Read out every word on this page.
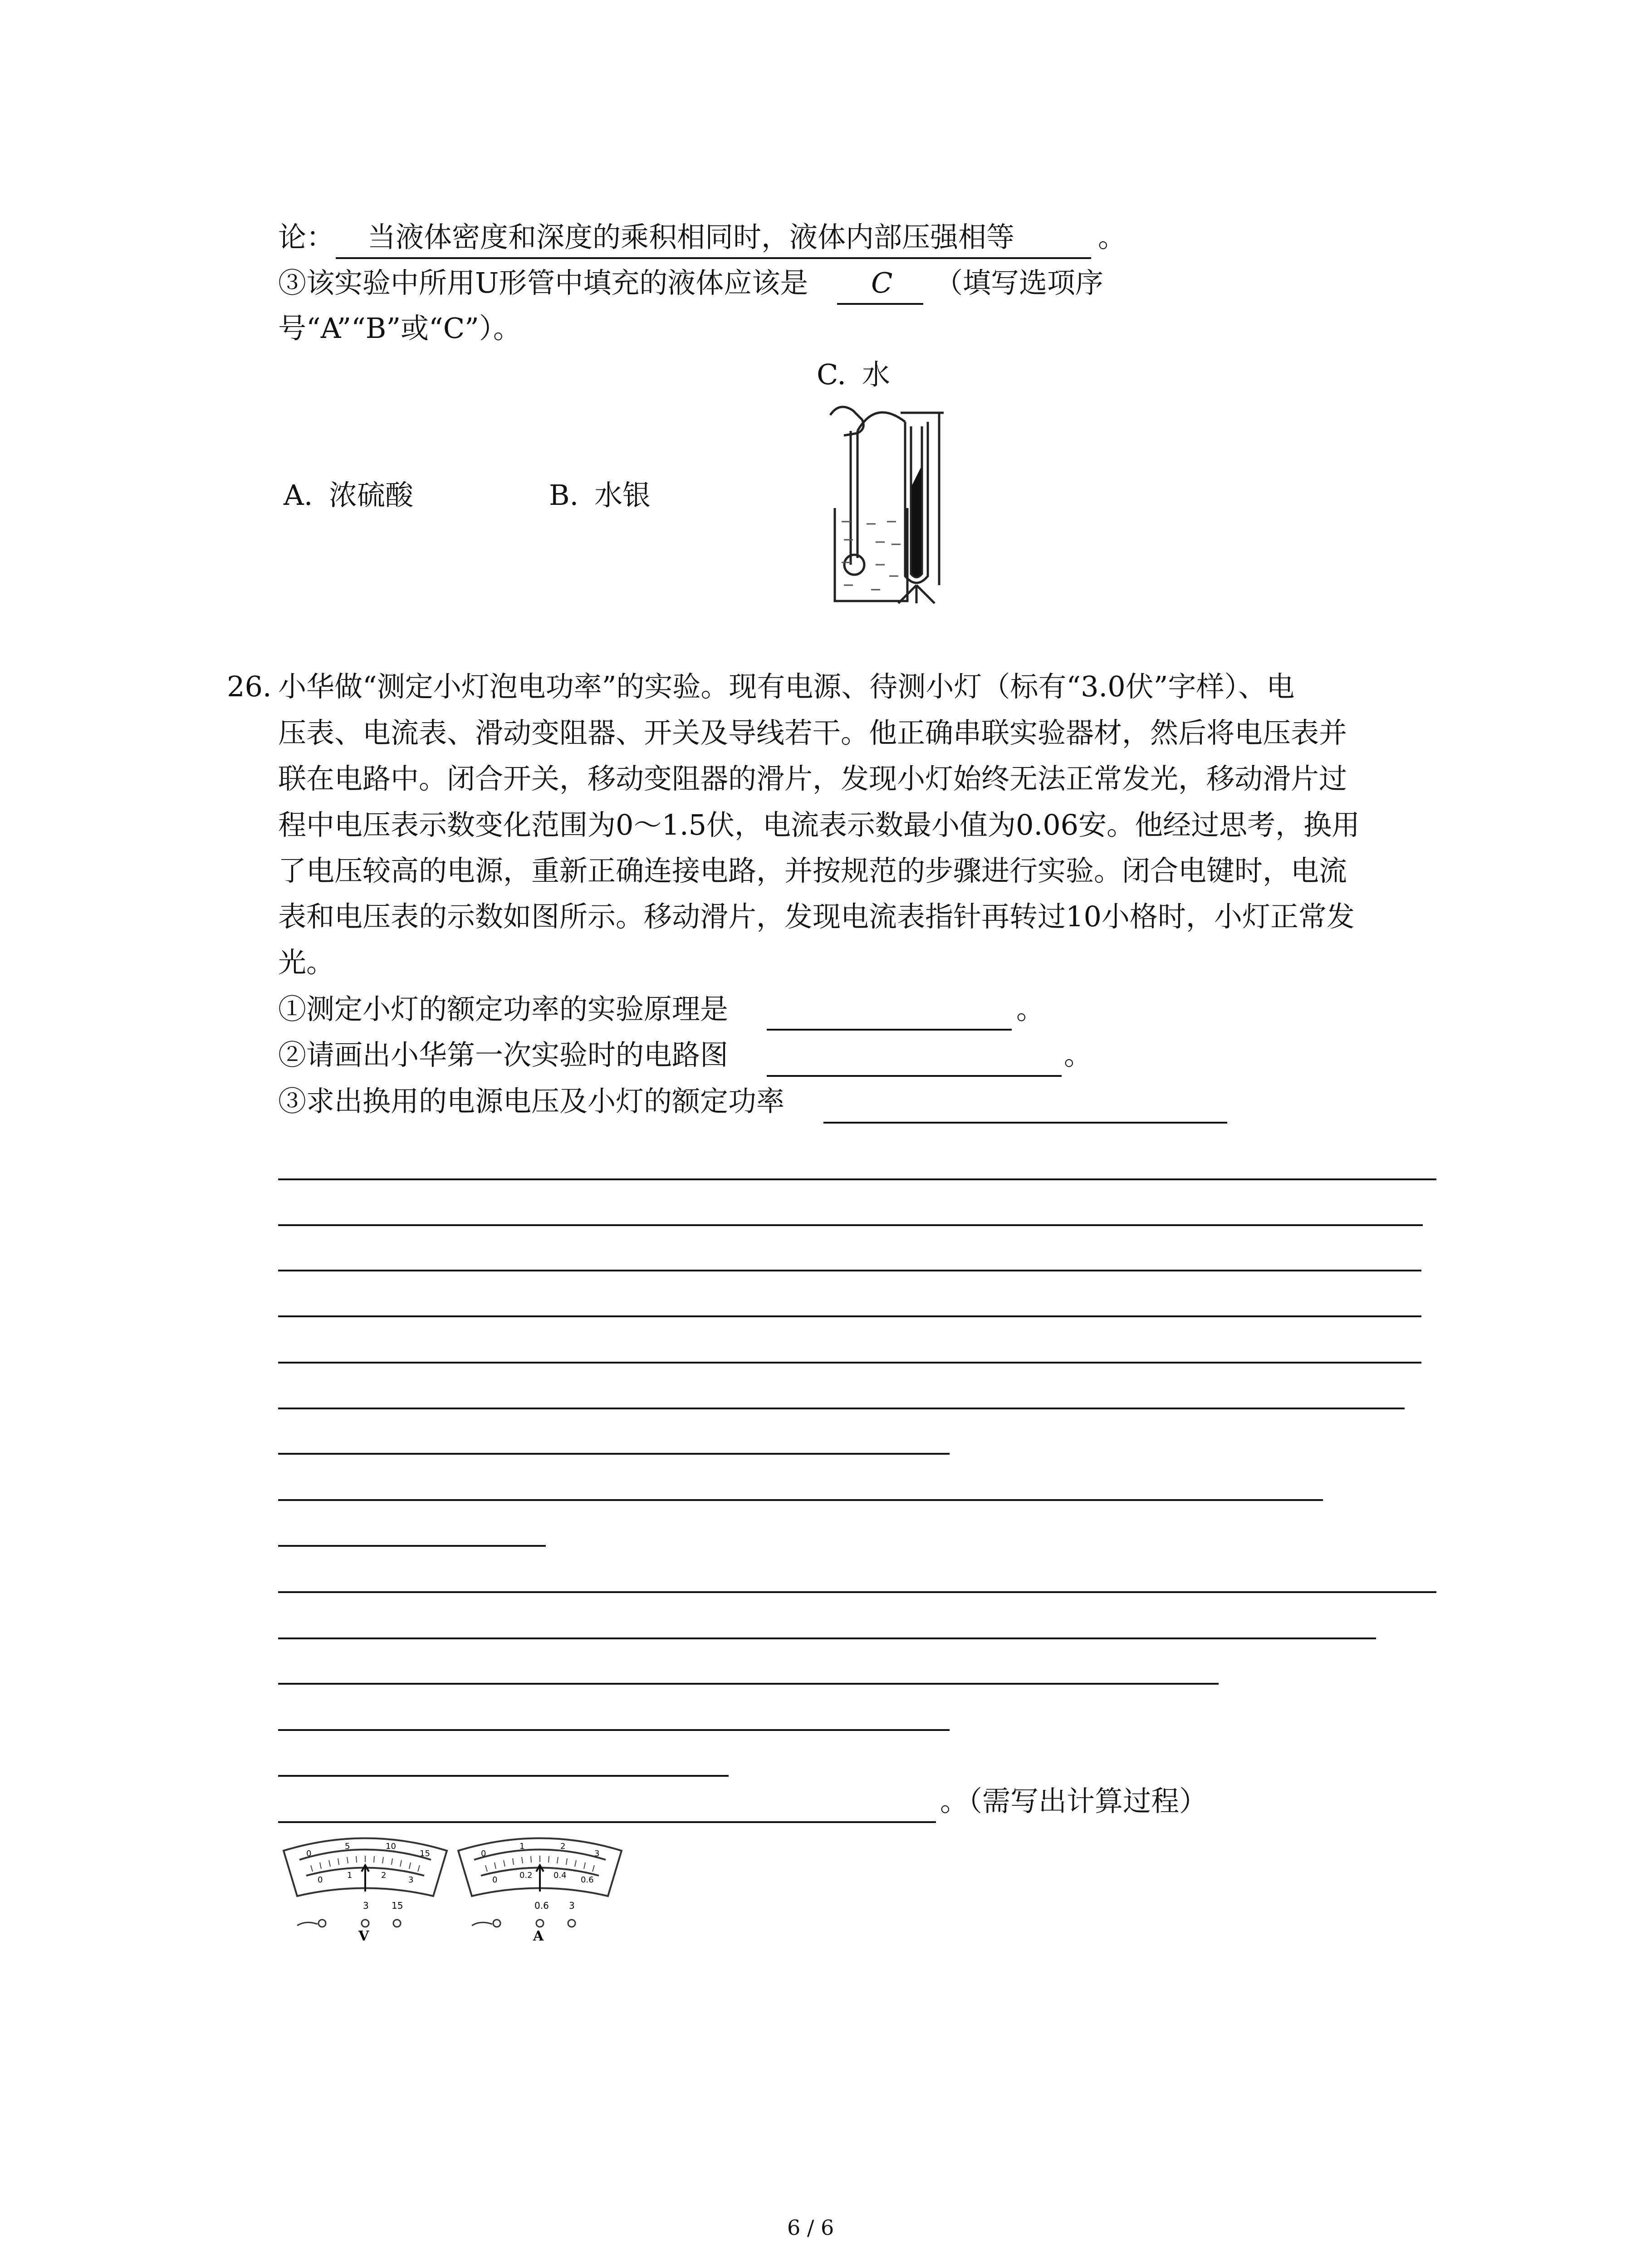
论： 当液体密度和深度的乘积相同时，液体内部压强相等	。
③该实验中所用U形管中填充的液体应该是 C （填写选项序
号“A”“B”或“C”）。
A. 浓硫酸	B. 水银
C. 水
26. 小华做“测定小灯泡电功率”的实验。现有电源、待测小灯（标有“3.0伏”字样）、电
压表、电流表、滑动变阻器、开关及导线若干。他正确串联实验器材，然后将电压表并
联在电路中。闭合开关，移动变阻器的滑片，发现小灯始终无法正常发光，移动滑片过
程中电压表示数变化范围为0～1.5伏，电流表示数最小值为0.06安。他经过思考，换用
了电压较高的电源，重新正确连接电路，并按规范的步骤进行实验。闭合电键时，电流
表和电压表的示数如图所示。移动滑片，发现电流表指针再转过10小格时，小灯正常发
光。
①测定小灯的额定功率的实验原理是	。
②请画出小华第一次实验时的电路图	。
③求出换用的电源电压及小灯的额定功率
。（需写出计算过程）
0
5	10
15
0	1	2	3
3	15
V
0
1	2
3
0	0.2	0.4 0.6
0.6 3
A
6 / 6
